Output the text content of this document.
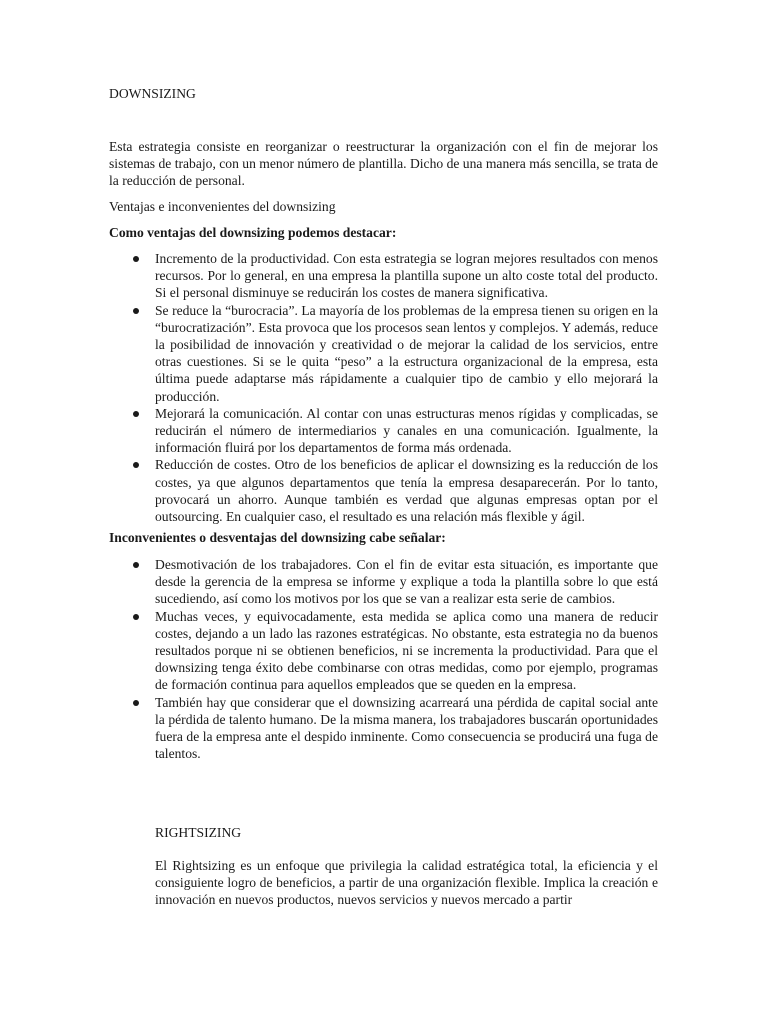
DOWNSIZING

Esta estrategia consiste en reorganizar o reestructurar la organización con el fin de mejorar los sistemas de trabajo, con un menor número de plantilla. Dicho de una manera más sencilla, se trata de la reducción de personal.

Ventajas e inconvenientes del downsizing

Como ventajas del downsizing podemos destacar:

Incremento de la productividad. Con esta estrategia se logran mejores resultados con menos recursos. Por lo general, en una empresa la plantilla supone un alto coste total del producto. Si el personal disminuye se reducirán los costes de manera significativa.
Se reduce la “burocracia”. La mayoría de los problemas de la empresa tienen su origen en la “burocratización”. Esta provoca que los procesos sean lentos y complejos. Y además, reduce la posibilidad de innovación y creatividad o de mejorar la calidad de los servicios, entre otras cuestiones. Si se le quita “peso” a la estructura organizacional de la empresa, esta última puede adaptarse más rápidamente a cualquier tipo de cambio y ello mejorará la producción.
Mejorará la comunicación. Al contar con unas estructuras menos rígidas y complicadas, se reducirán el número de intermediarios y canales en una comunicación. Igualmente, la información fluirá por los departamentos de forma más ordenada.
Reducción de costes. Otro de los beneficios de aplicar el downsizing es la reducción de los costes, ya que algunos departamentos que tenía la empresa desaparecerán. Por lo tanto, provocará un ahorro. Aunque también es verdad que algunas empresas optan por el outsourcing. En cualquier caso, el resultado es una relación más flexible y ágil.

Inconvenientes o desventajas del downsizing cabe señalar:

Desmotivación de los trabajadores. Con el fin de evitar esta situación, es importante que desde la gerencia de la empresa se informe y explique a toda la plantilla sobre lo que está sucediendo, así como los motivos por los que se van a realizar esta serie de cambios.
Muchas veces, y equivocadamente, esta medida se aplica como una manera de reducir costes, dejando a un lado las razones estratégicas. No obstante, esta estrategia no da buenos resultados porque ni se obtienen beneficios, ni se incrementa la productividad. Para que el downsizing tenga éxito debe combinarse con otras medidas, como por ejemplo, programas de formación continua para aquellos empleados que se queden en la empresa.
También hay que considerar que el downsizing acarreará una pérdida de capital social ante la pérdida de talento humano. De la misma manera, los trabajadores buscarán oportunidades fuera de la empresa ante el despido inminente. Como consecuencia se producirá una fuga de talentos.

RIGHTSIZING

El Rightsizing es un enfoque que privilegia la calidad estratégica total, la eficiencia y el consiguiente logro de beneficios, a partir de una organización flexible. Implica la creación e innovación en nuevos productos, nuevos servicios y nuevos mercado a partir
